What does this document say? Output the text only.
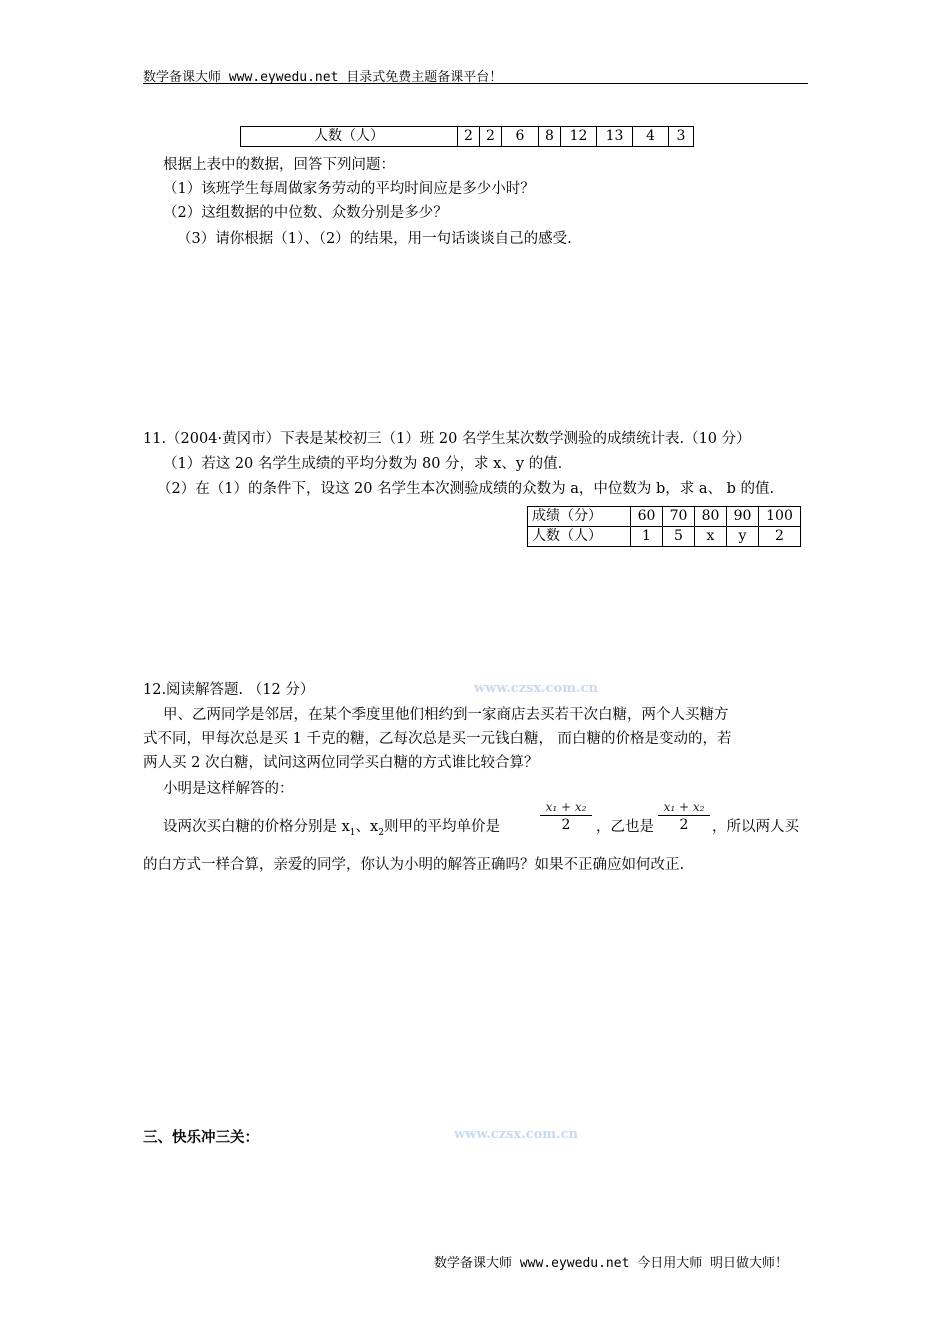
数学备课大师 www.eywedu.net 目录式免费主题备课平台！
人数（人）	2	2	6	8	12	13	4	3
根据上表中的数据，回答下列问题：
（1）该班学生每周做家务劳动的平均时间应是多少小时？
（2）这组数据的中位数、众数分别是多少？
（3）请你根据（1）、（2）的结果，用一句话谈谈自己的感受.
11.（2004·黄冈市）下表是某校初三（1）班 20 名学生某次数学测验的成绩统计表.（10 分）
（1）若这 20 名学生成绩的平均分数为 80 分，求 x、y 的值.
（2）在（1）的条件下，设这 20 名学生本次测验成绩的众数为 a，中位数为 b，求 a、 b 的值.
成绩（分）	60	70	80	90	100
人数（人）	1	5	x	y	2
12.阅读解答题. （12 分）	www.czsx.com.cn
甲、乙两同学是邻居，在某个季度里他们相约到一家商店去买若干次白糖，两个人买糖方
式不同，甲每次总是买 1 千克的糖，乙每次总是买一元钱白糖， 而白糖的价格是变动的，若
两人买 2 次白糖，试问这两位同学买白糖的方式谁比较合算？
小明是这样解答的：
设两次买白糖的价格分别是 $x_1$、$x_2$则甲的平均单价是
x₁ + x₂
2	，乙也是
x₁ + x₂
2	，所以两人买
的白方式一样合算，亲爱的同学，你认为小明的解答正确吗？如果不正确应如何改正.
三、快乐冲三关：	www.czsx.com.cn
数学备课大师 www.eywedu.net 今日用大师 明日做大师！
